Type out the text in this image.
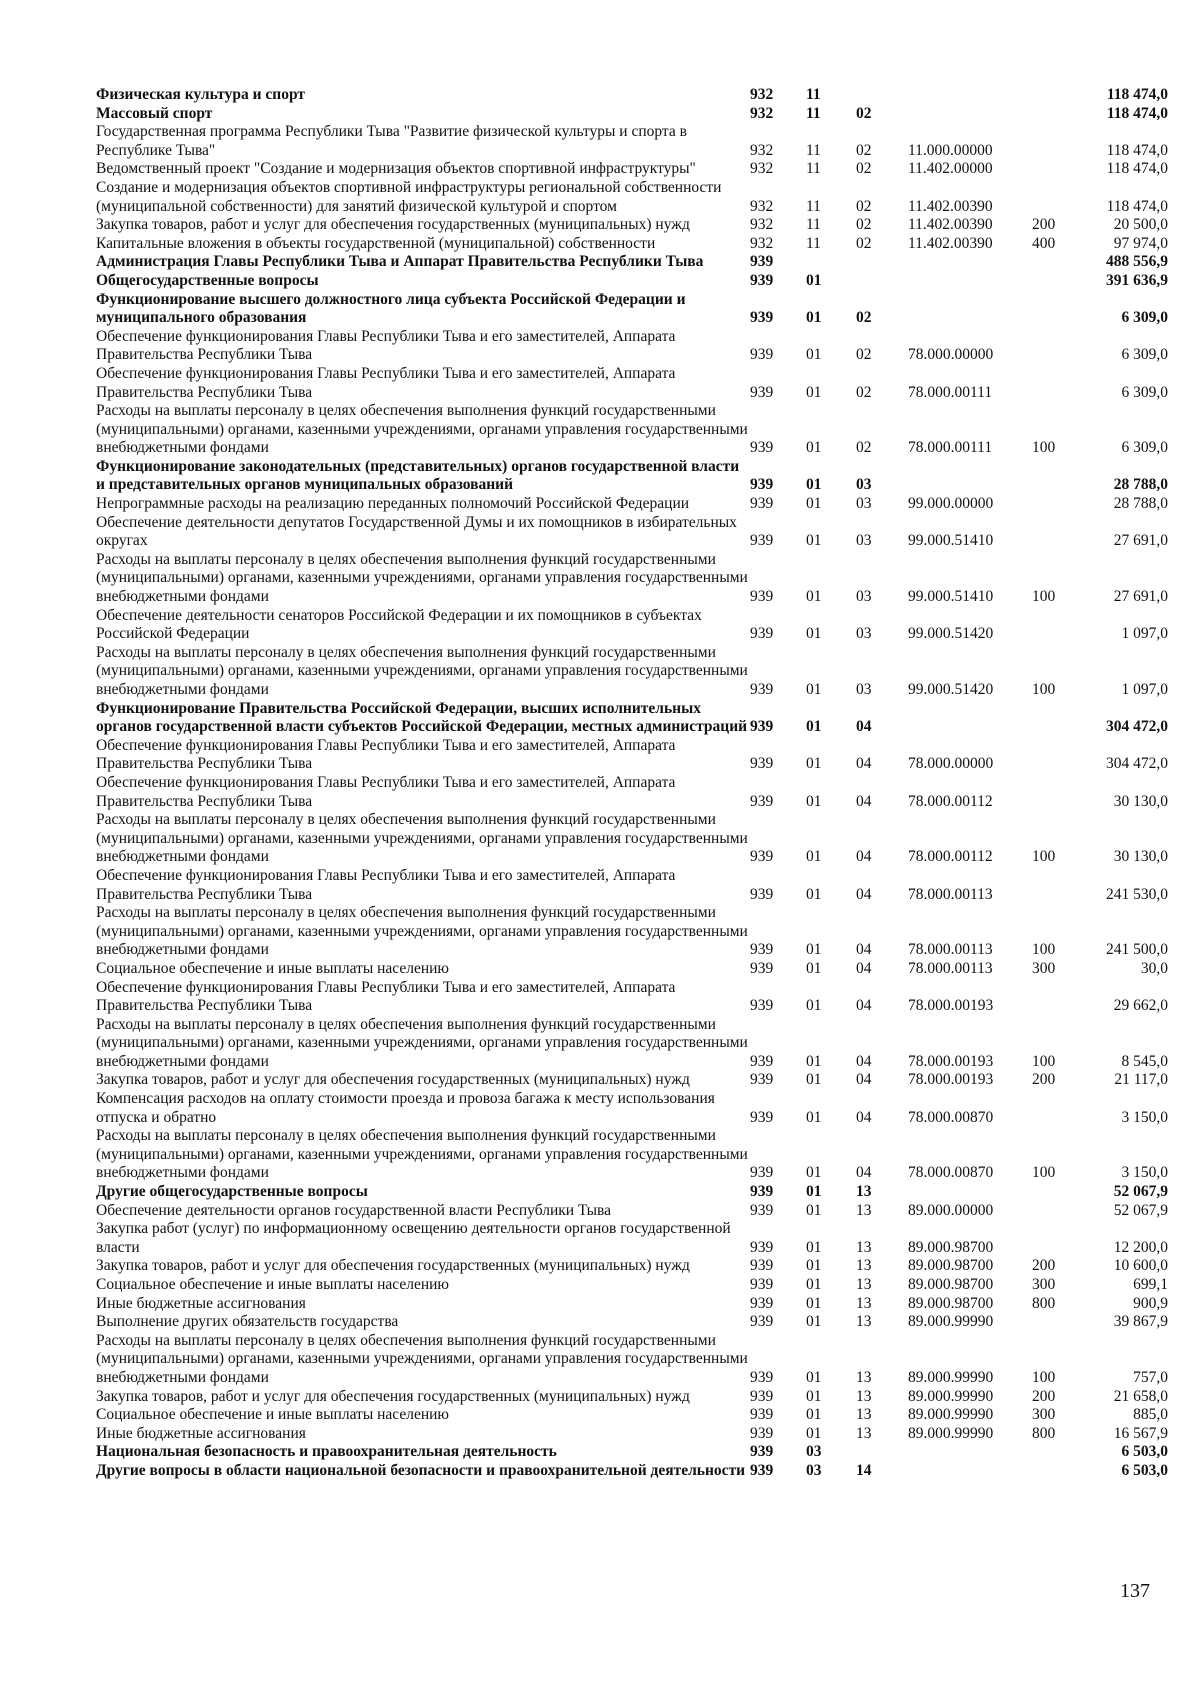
Физическая культура и спорт	932	11				118 474,0
Массовый спорт	932	11	02			118 474,0
Государственная программа Республики Тыва "Развитие физической культуры и спорта в Республике Тыва"	932	11	02	11.000.00000		118 474,0
Ведомственный проект "Создание и модернизация объектов спортивной инфраструктуры"	932	11	02	11.402.00000		118 474,0
Создание и модернизация объектов спортивной инфраструктуры региональной собственности (муниципальной собственности) для занятий физической культурой и спортом	932	11	02	11.402.00390		118 474,0
Закупка товаров, работ и услуг для обеспечения государственных (муниципальных) нужд	932	11	02	11.402.00390	200	20 500,0
Капитальные вложения в объекты государственной (муниципальной) собственности	932	11	02	11.402.00390	400	97 974,0
Администрация Главы Республики Тыва и Аппарат Правительства Республики Тыва	939					488 556,9
Общегосударственные вопросы	939	01				391 636,9
Функционирование высшего должностного лица субъекта Российской Федерации и муниципального образования	939	01	02			6 309,0
Обеспечение функционирования Главы Республики Тыва и его заместителей, Аппарата Правительства Республики Тыва	939	01	02	78.000.00000		6 309,0
Обеспечение функционирования Главы Республики Тыва и его заместителей, Аппарата Правительства Республики Тыва	939	01	02	78.000.00111		6 309,0
Расходы на выплаты персоналу в целях обеспечения выполнения функций государственными (муниципальными) органами, казенными учреждениями, органами управления государственными внебюджетными фондами	939	01	02	78.000.00111	100	6 309,0
Функционирование законодательных (представительных) органов государственной власти и представительных органов муниципальных образований	939	01	03			28 788,0
Непрограммные расходы на реализацию переданных полномочий Российской Федерации	939	01	03	99.000.00000		28 788,0
Обеспечение деятельности депутатов Государственной Думы и их помощников в избирательных округах	939	01	03	99.000.51410		27 691,0
Расходы на выплаты персоналу в целях обеспечения выполнения функций государственными (муниципальными) органами, казенными учреждениями, органами управления государственными внебюджетными фондами	939	01	03	99.000.51410	100	27 691,0
Обеспечение деятельности сенаторов Российской Федерации и их помощников в субъектах Российской Федерации	939	01	03	99.000.51420		1 097,0
Расходы на выплаты персоналу в целях обеспечения выполнения функций государственными (муниципальными) органами, казенными учреждениями, органами управления государственными внебюджетными фондами	939	01	03	99.000.51420	100	1 097,0
Функционирование Правительства Российской Федерации, высших исполнительных органов государственной власти субъектов Российской Федерации, местных администраций	939	01	04			304 472,0
Обеспечение функционирования Главы Республики Тыва и его заместителей, Аппарата Правительства Республики Тыва	939	01	04	78.000.00000		304 472,0
Обеспечение функционирования Главы Республики Тыва и его заместителей, Аппарата Правительства Республики Тыва	939	01	04	78.000.00112		30 130,0
Расходы на выплаты персоналу в целях обеспечения выполнения функций государственными (муниципальными) органами, казенными учреждениями, органами управления государственными внебюджетными фондами	939	01	04	78.000.00112	100	30 130,0
Обеспечение функционирования Главы Республики Тыва и его заместителей, Аппарата Правительства Республики Тыва	939	01	04	78.000.00113		241 530,0
Расходы на выплаты персоналу в целях обеспечения выполнения функций государственными (муниципальными) органами, казенными учреждениями, органами управления государственными внебюджетными фондами	939	01	04	78.000.00113	100	241 500,0
Социальное обеспечение и иные выплаты населению	939	01	04	78.000.00113	300	30,0
Обеспечение функционирования Главы Республики Тыва и его заместителей, Аппарата Правительства Республики Тыва	939	01	04	78.000.00193		29 662,0
Расходы на выплаты персоналу в целях обеспечения выполнения функций государственными (муниципальными) органами, казенными учреждениями, органами управления государственными внебюджетными фондами	939	01	04	78.000.00193	100	8 545,0
Закупка товаров, работ и услуг для обеспечения государственных (муниципальных) нужд	939	01	04	78.000.00193	200	21 117,0
Компенсация расходов на оплату стоимости проезда и провоза багажа к месту использования отпуска и обратно	939	01	04	78.000.00870		3 150,0
Расходы на выплаты персоналу в целях обеспечения выполнения функций государственными (муниципальными) органами, казенными учреждениями, органами управления государственными внебюджетными фондами	939	01	04	78.000.00870	100	3 150,0
Другие общегосударственные вопросы	939	01	13			52 067,9
Обеспечение деятельности органов государственной власти Республики Тыва	939	01	13	89.000.00000		52 067,9
Закупка работ (услуг) по информационному освещению деятельности органов государственной власти	939	01	13	89.000.98700		12 200,0
Закупка товаров, работ и услуг для обеспечения государственных (муниципальных) нужд	939	01	13	89.000.98700	200	10 600,0
Социальное обеспечение и иные выплаты населению	939	01	13	89.000.98700	300	699,1
Иные бюджетные ассигнования	939	01	13	89.000.98700	800	900,9
Выполнение других обязательств государства	939	01	13	89.000.99990		39 867,9
Расходы на выплаты персоналу в целях обеспечения выполнения функций государственными (муниципальными) органами, казенными учреждениями, органами управления государственными внебюджетными фондами	939	01	13	89.000.99990	100	757,0
Закупка товаров, работ и услуг для обеспечения государственных (муниципальных) нужд	939	01	13	89.000.99990	200	21 658,0
Социальное обеспечение и иные выплаты населению	939	01	13	89.000.99990	300	885,0
Иные бюджетные ассигнования	939	01	13	89.000.99990	800	16 567,9
Национальная безопасность и правоохранительная деятельность	939	03				6 503,0
Другие вопросы в области национальной безопасности и правоохранительной деятельности	939	03	14			6 503,0
137
